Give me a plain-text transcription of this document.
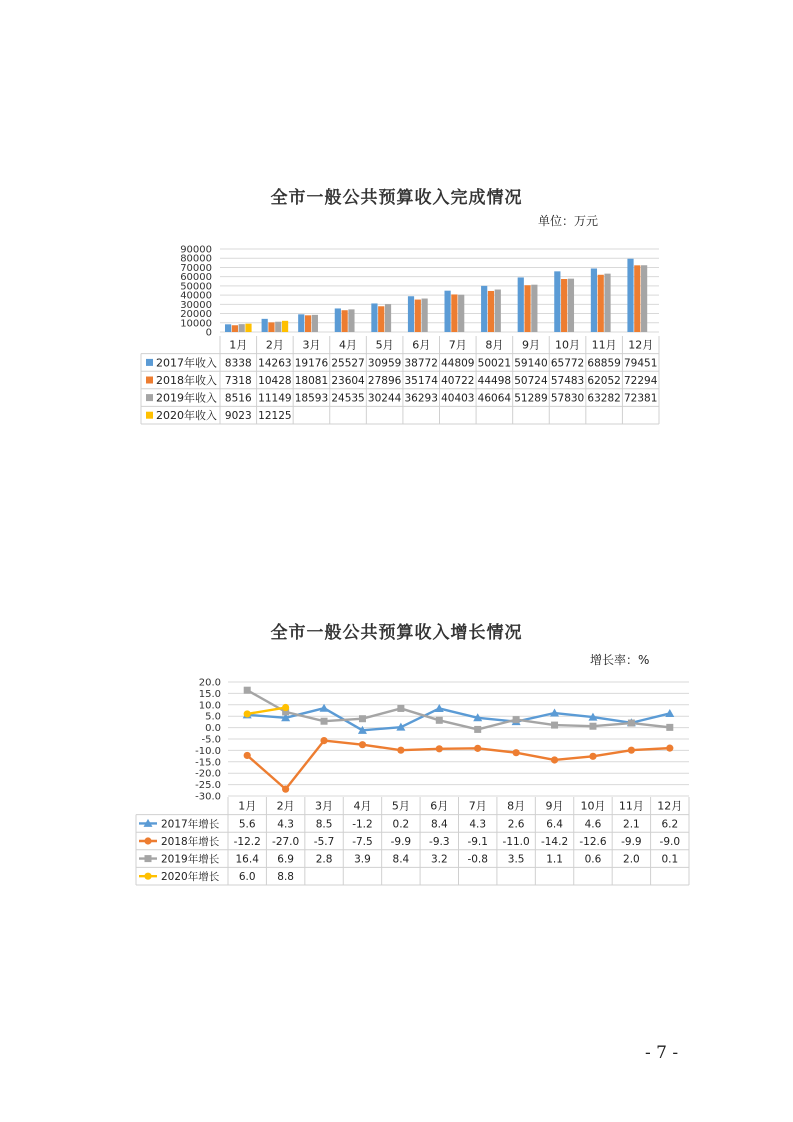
全市一般公共预算收入完成情况
单位：万元
全市一般公共预算收入增长情况
增长率：%
90000
80000
70000
60000
50000
40000
30000
20000
10000
0
1月 2月 3月 4月 5月 6月 7月 8月 9月 10月 11月 12月
2017年收入 8338 14263 19176 25527 30959 38772 44809 50021 59140 65772 68859 79451
2018年收入 7318 10428 18081 23604 27896 35174 40722 44498 50724 57483 62052 72294
2019年收入 8516 11149 18593 24535 30244 36293 40403 46064 51289 57830 63282 72381
2020年收入 9023 12125
20.0
15.0
10.0
5.0
0.0
-5.0
-10.0
-15.0
-20.0
-25.0
-30.0
1月 2月 3月 4月 5月 6月 7月 8月 9月 10月 11月 12月
2017年增长 5.6 4.3 8.5 -1.2 0.2 8.4 4.3 2.6 6.4 4.6 2.1 6.2
2018年增长 -12.2 -27.0 -5.7 -7.5 -9.9 -9.3 -9.1 -11.0 -14.2 -12.6 -9.9 -9.0
2019年增长 16.4 6.9 2.8 3.9 8.4 3.2 -0.8 3.5 1.1 0.6 2.0 0.1
2020年增长 6.0 8.8
- 7 -
